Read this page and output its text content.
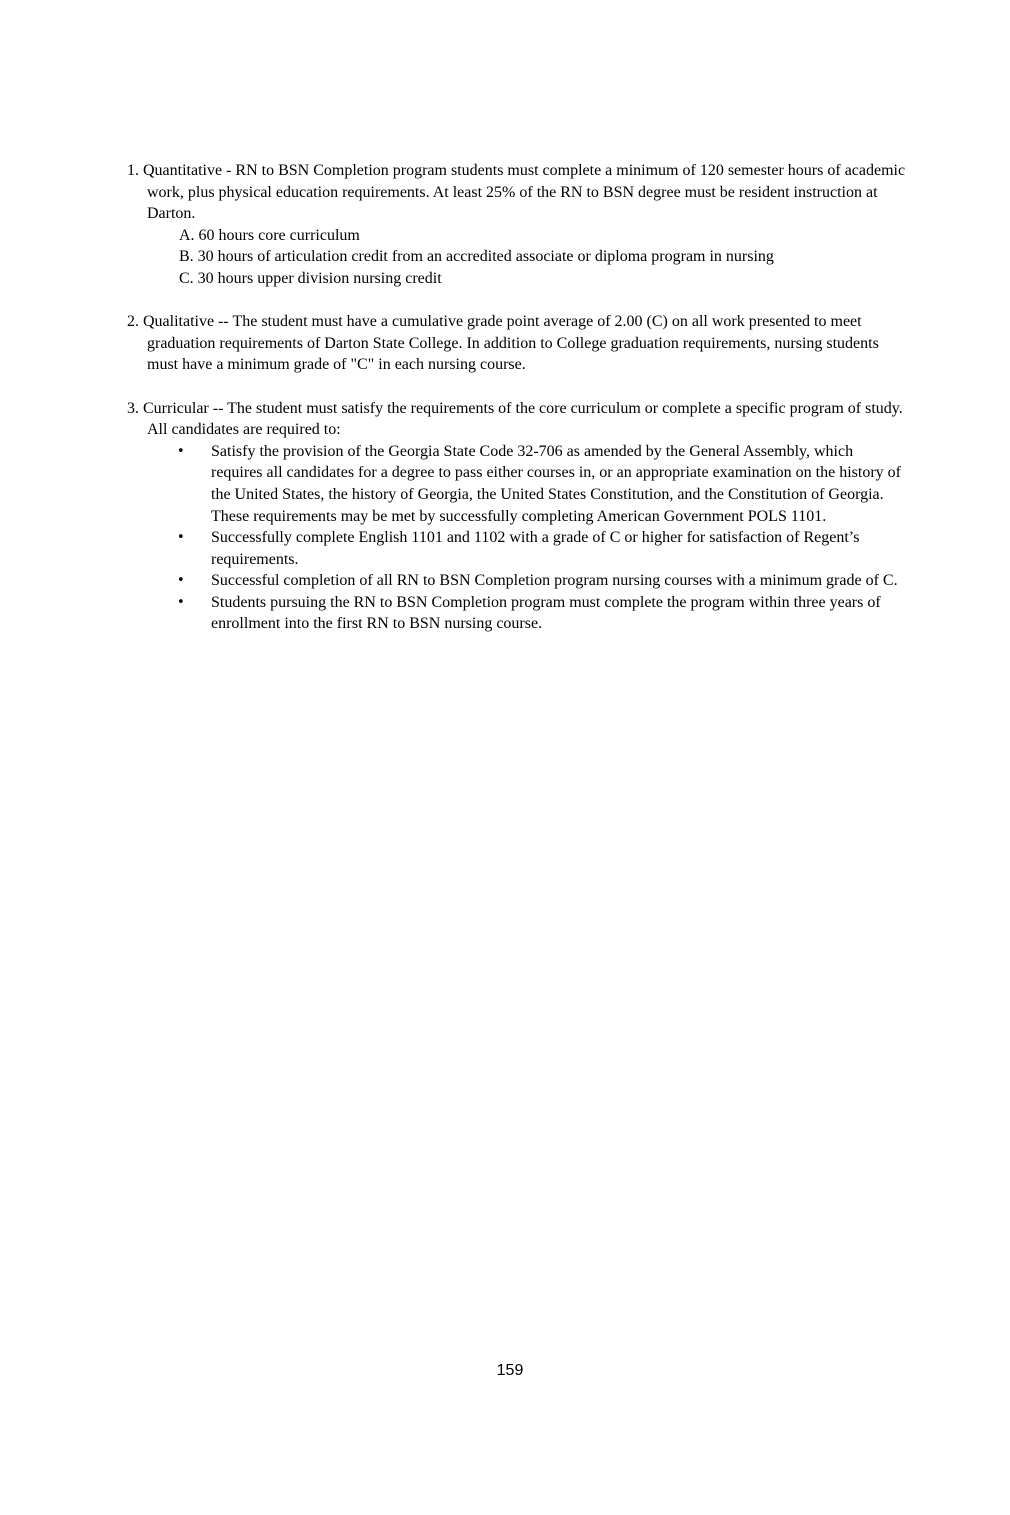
1. Quantitative - RN to BSN Completion program students must complete a minimum of 120 semester hours of academic work, plus physical education requirements. At least 25% of the RN to BSN degree must be resident instruction at Darton.

A. 60 hours core curriculum
B. 30 hours of articulation credit from an accredited associate or diploma program in nursing
C. 30 hours upper division nursing credit

2. Qualitative -- The student must have a cumulative grade point average of 2.00 (C) on all work presented to meet graduation requirements of Darton State College. In addition to College graduation requirements, nursing students must have a minimum grade of "C" in each nursing course.

3. Curricular -- The student must satisfy the requirements of the core curriculum or complete a specific program of study. All candidates are required to:

• Satisfy the provision of the Georgia State Code 32-706 as amended by the General Assembly, which requires all candidates for a degree to pass either courses in, or an appropriate examination on the history of the United States, the history of Georgia, the United States Constitution, and the Constitution of Georgia. These requirements may be met by successfully completing American Government POLS 1101.
• Successfully complete English 1101 and 1102 with a grade of C or higher for satisfaction of Regent’s requirements.
• Successful completion of all RN to BSN Completion program nursing courses with a minimum grade of C.
• Students pursuing the RN to BSN Completion program must complete the program within three years of enrollment into the first RN to BSN nursing course.
159
